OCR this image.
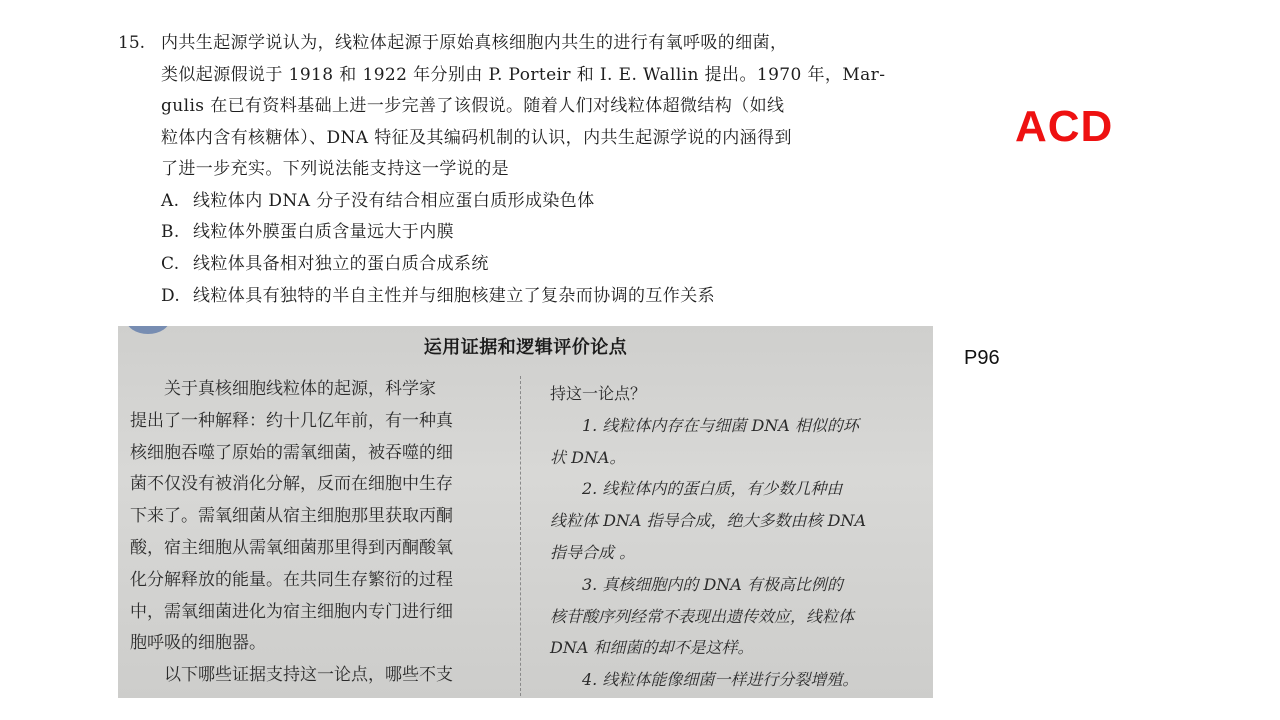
15. 内共生起源学说认为，线粒体起源于原始真核细胞内共生的进行有氧呼吸的细菌，
类似起源假说于 1918 和 1922 年分别由 P. Porteir 和 I. E. Wallin 提出。1970 年，Mar-
gulis 在已有资料基础上进一步完善了该假说。随着人们对线粒体超微结构（如线
粒体内含有核糖体）、DNA 特征及其编码机制的认识，内共生起源学说的内涵得到
了进一步充实。下列说法能支持这一学说的是
A. 线粒体内 DNA 分子没有结合相应蛋白质形成染色体
B. 线粒体外膜蛋白质含量远大于内膜
C. 线粒体具备相对独立的蛋白质合成系统
D. 线粒体具有独特的半自主性并与细胞核建立了复杂而协调的互作关系
ACD
P96
运用证据和逻辑评价论点
　　关于真核细胞线粒体的起源，科学家
提出了一种解释：约十几亿年前，有一种真
核细胞吞噬了原始的需氧细菌，被吞噬的细
菌不仅没有被消化分解，反而在细胞中生存
下来了。需氧细菌从宿主细胞那里获取丙酮
酸，宿主细胞从需氧细菌那里得到丙酮酸氧
化分解释放的能量。在共同生存繁衍的过程
中，需氧细菌进化为宿主细胞内专门进行细
胞呼吸的细胞器。
　　以下哪些证据支持这一论点，哪些不支
持这一论点？
　　1. 线粒体内存在与细菌 DNA 相似的环
状 DNA。
　　2. 线粒体内的蛋白质，有少数几种由
线粒体 DNA 指导合成，绝大多数由核 DNA
指导合成 。
　　3. 真核细胞内的 DNA 有极高比例的
核苷酸序列经常不表现出遗传效应，线粒体
DNA 和细菌的却不是这样。
　　4. 线粒体能像细菌一样进行分裂增殖。
